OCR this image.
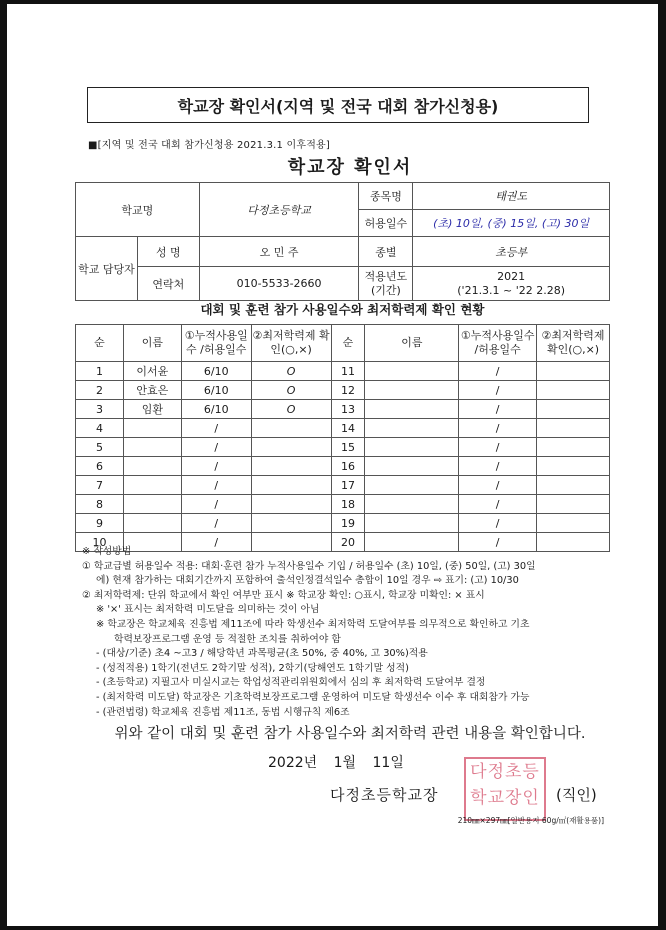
학교장 확인서(지역 및 전국 대회 참가신청용)
■[지역 및 전국 대회 참가신청용 2021.3.1 이후적용]
학교장 확인서
학교명		다정초등학교	종목명	태권도
			허용일수	(초) 10일, (중) 15일, (고) 30일
학교 담당자	성 명	오 민 주	종별	초등부
	연락처	010-5533-2660	적용년도 (기간)	2021
('21.3.1 ~ '22 2.28)
대회 및 훈련 참가 사용일수와 최저학력제 확인 현황
순	이름	①누적사용일수 /허용일수	②최저학력제 확인(○,×)	순	이름	①누적사용일수 /허용일수	②최저학력제 확인(○,×)
1	이서윤	6/10	O	11		/	
2	안효은	6/10	O	12		/	
3	임환	6/10	O	13		/	
4		/		14		/	
5		/		15		/	
6		/		16		/	
7		/		17		/	
8		/		18		/	
9		/		19		/	
10		/		20		/	
※ 작성방법
① 학교급별 허용일수 적용: 대회·훈련 참가 누적사용일수 기입 / 허용일수 (초) 10일, (중) 50일, (고) 30일
에) 현재 참가하는 대회기간까지 포함하여 출석인정결석일수 총합이 10일 경우 ⇨ 표기: (고) 10/30
② 최저학력제: 단위 학교에서 확인 여부만 표시 ※ 학교장 확인: ○표시, 학교장 미확인: × 표시
※ '×' 표시는 최저학력 미도달을 의미하는 것이 아님
※ 학교장은 학교체육 진흥법 제11조에 따라 학생선수 최저학력 도달여부를 의무적으로 확인하고 기초
학력보장프로그램 운영 등 적절한 조치를 취하여야 함
- (대상/기준) 초4 ~고3 / 해당학년 과목평균(초 50%, 중 40%, 고 30%)적용
- (성적적용) 1학기(전년도 2학기말 성적), 2학기(당해연도 1학기말 성적)
- (초등학교) 지필고사 미실시교는 학업성적관리위원회에서 심의 후 최저학력 도달여부 결정
- (최저학력 미도달) 학교장은 기초학력보장프로그램 운영하여 미도달 학생선수 이수 후 대회참가 가능
- (관련법령) 학교체육 진흥법 제11조, 동법 시행규칙 제6조
위와 같이 대회 및 훈련 참가 사용일수와 최저학력 관련 내용을 확인합니다.
2022년 1월 11일	다정초등
학교장인
다정초등학교장	(직인)
210㎜×297㎜[일반용지 60g/㎡(재활용품)]
